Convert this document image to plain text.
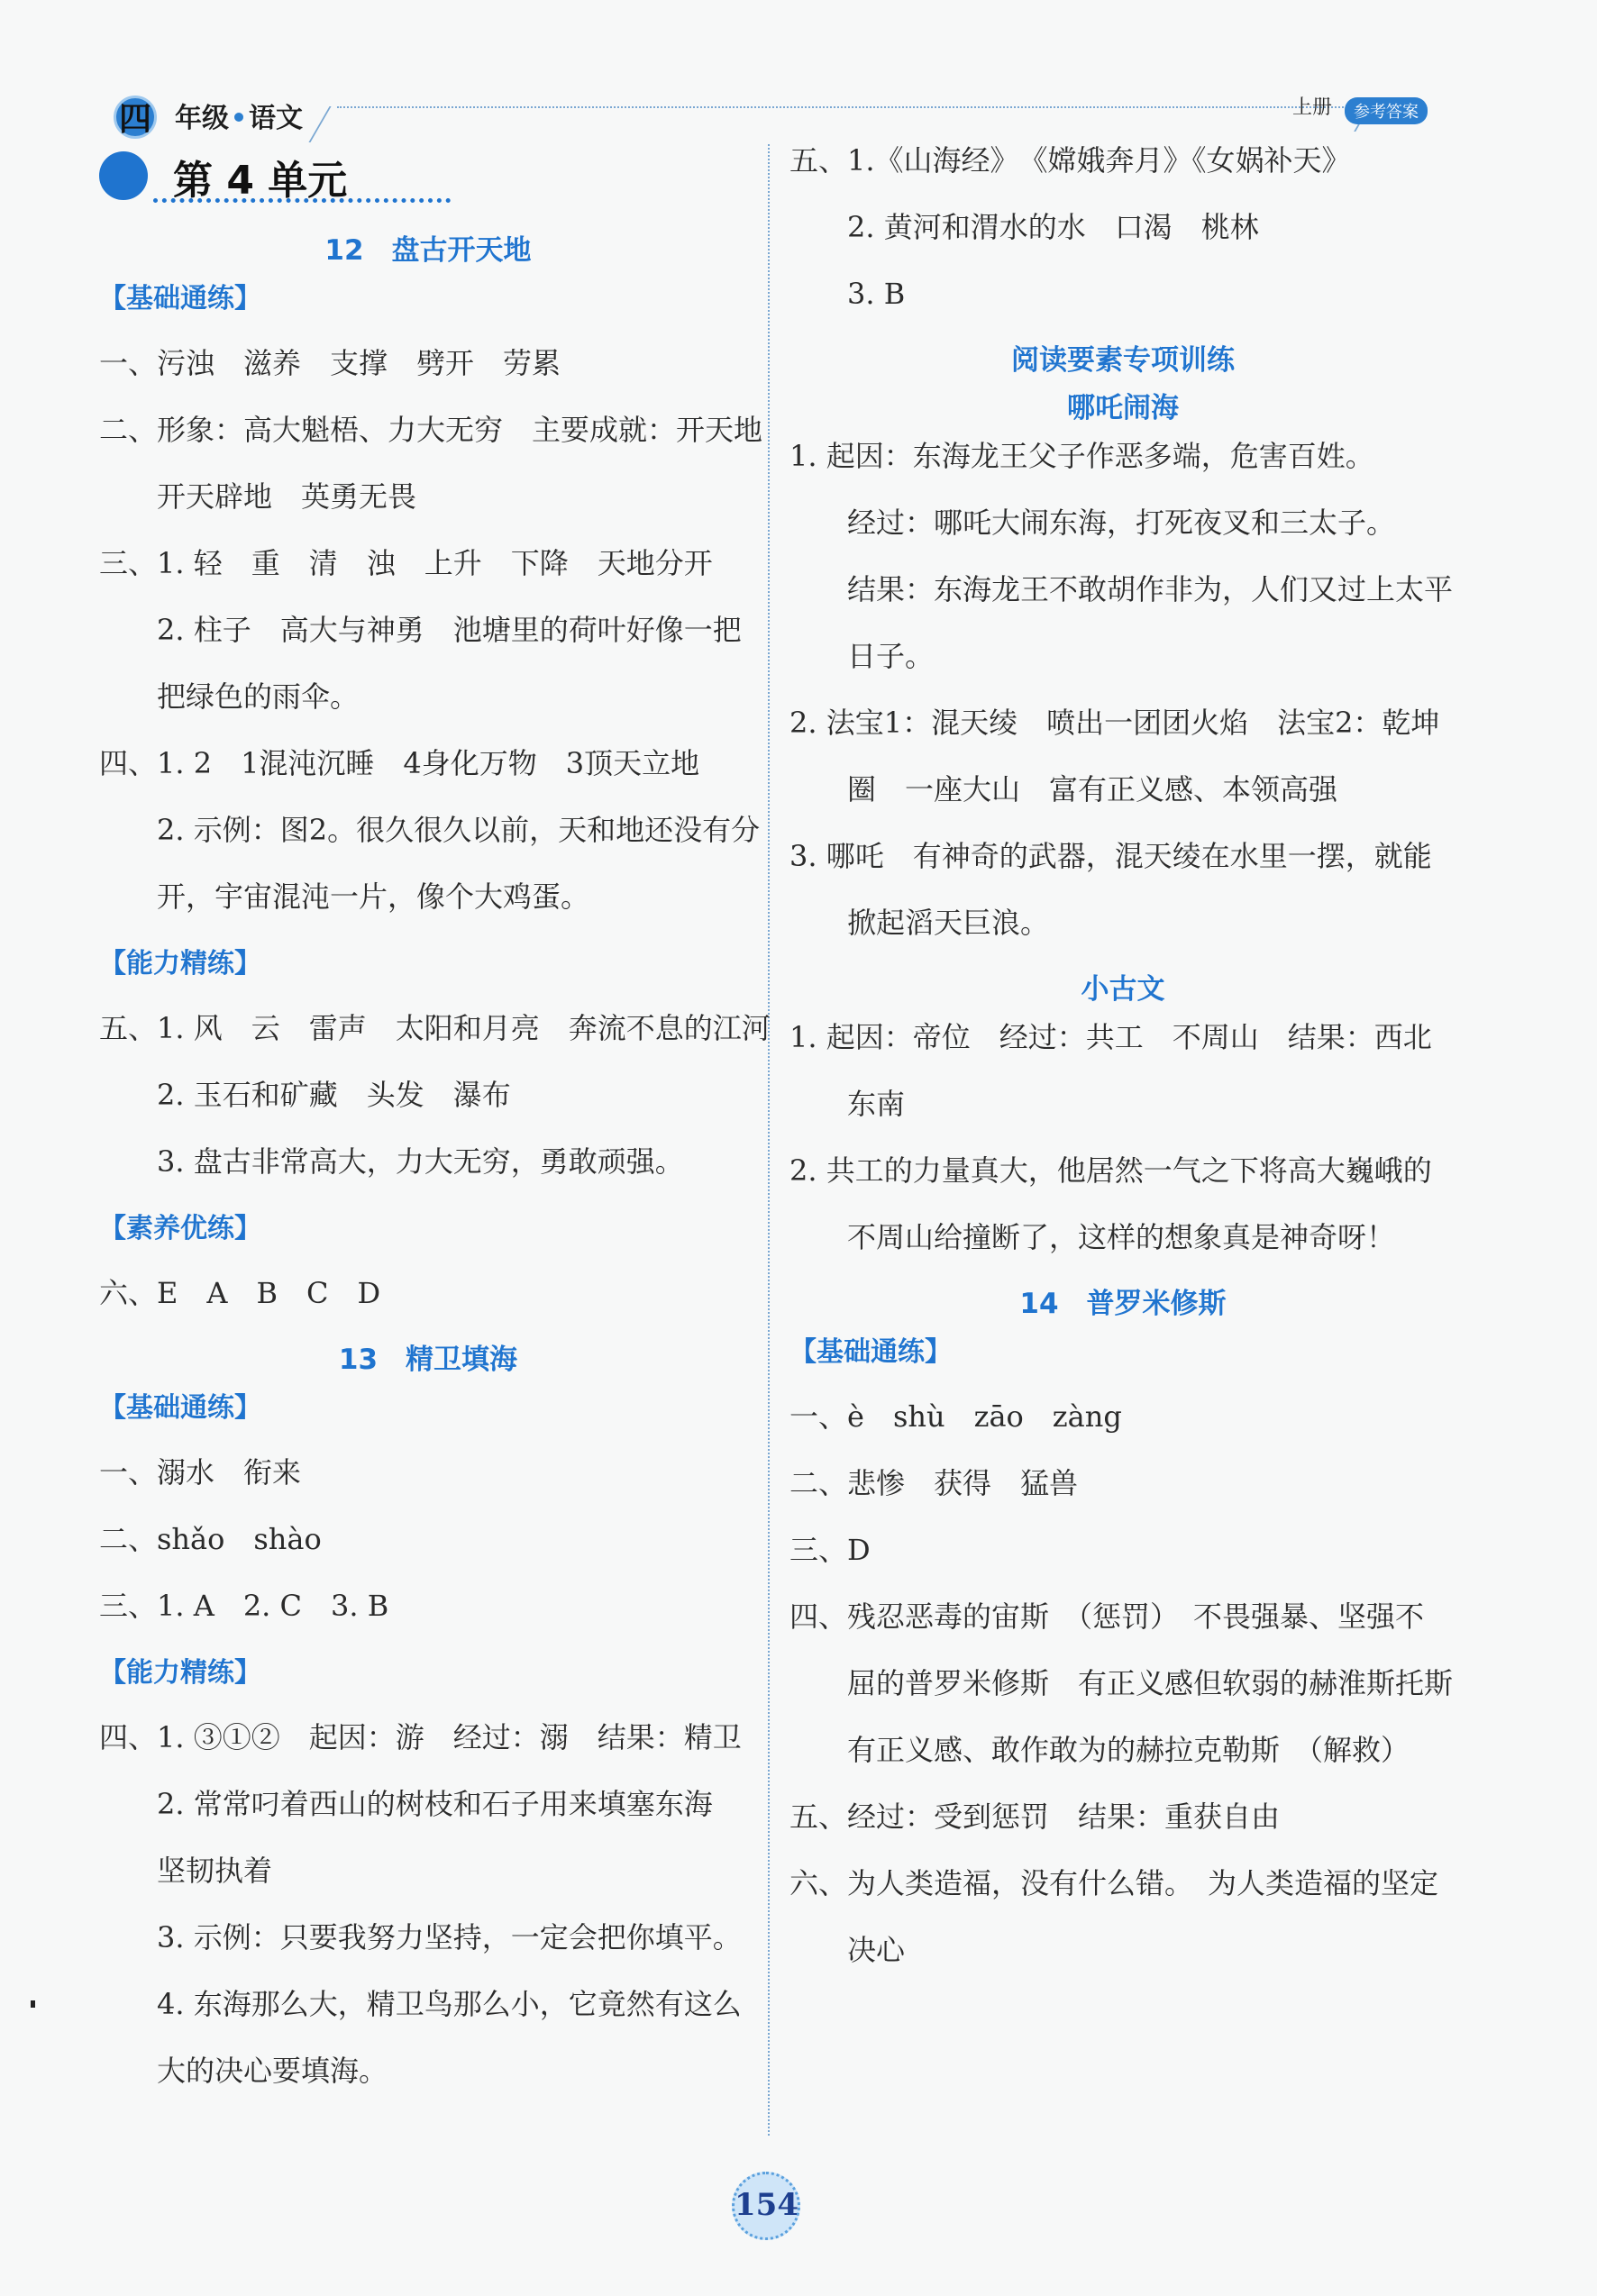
四 年级 语文	上册	参考答案
第 4 单元
12　盘古开天地
【基础通练】
一、污浊　滋养　支撑　劈开　劳累
二、形象：高大魁梧、力大无穷　主要成就：开天地
开天辟地　英勇无畏
三、1. 轻　重　清　浊　上升　下降　天地分开
2. 柱子　高大与神勇　池塘里的荷叶好像一把
把绿色的雨伞。
四、1. 2　1混沌沉睡　4身化万物　3顶天立地
2. 示例：图2。很久很久以前，天和地还没有分
开，宇宙混沌一片，像个大鸡蛋。
【能力精练】
五、1. 风　云　雷声　太阳和月亮　奔流不息的江河
2. 玉石和矿藏　头发　瀑布
3. 盘古非常高大，力大无穷，勇敢顽强。
【素养优练】
六、E　A　B　C　D
13　精卫填海
【基础通练】
一、溺水　衔来
二、shǎo　shào
三、1. A　2. C　3. B
【能力精练】
四、1. ③①②　起因：游　经过：溺　结果：精卫
2. 常常叼着西山的树枝和石子用来填塞东海
坚韧执着
3. 示例：只要我努力坚持，一定会把你填平。
4. 东海那么大，精卫鸟那么小，它竟然有这么
大的决心要填海。
五、1.《山海经》　《嫦娥奔月》《女娲补天》
2. 黄河和渭水的水　口渴　桃林
3. B
阅读要素专项训练
哪吒闹海
1. 起因：东海龙王父子作恶多端，危害百姓。
经过：哪吒大闹东海，打死夜叉和三太子。
结果：东海龙王不敢胡作非为，人们又过上太平
日子。
2. 法宝1：混天绫　喷出一团团火焰　法宝2：乾坤
圈　一座大山　富有正义感、本领高强
3. 哪吒　有神奇的武器，混天绫在水里一摆，就能
掀起滔天巨浪。
小古文
1. 起因：帝位　经过：共工　不周山　结果：西北
东南
2. 共工的力量真大，他居然一气之下将高大巍峨的
不周山给撞断了，这样的想象真是神奇呀！
14　普罗米修斯
【基础通练】
一、è　shù　zāo　zàng
二、悲惨　获得　猛兽
三、D
四、残忍恶毒的宙斯　（惩罚）　不畏强暴、坚强不
屈的普罗米修斯　有正义感但软弱的赫淮斯托斯
有正义感、敢作敢为的赫拉克勒斯　（解救）
五、经过：受到惩罚　结果：重获自由
六、为人类造福，没有什么错。　为人类造福的坚定
决心
154
